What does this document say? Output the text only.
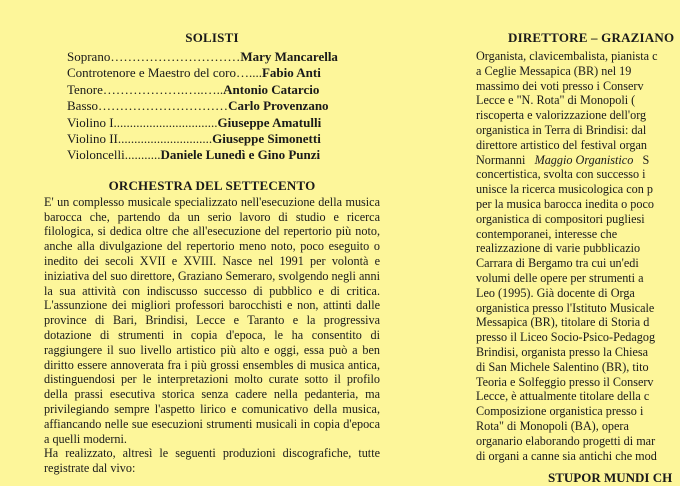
SOLISTI
Soprano…………………………Mary Mancarella
Controtenore e Maestro del coro…....Fabio Anti
Tenore……………….…..…..Antonio Catarcio
Basso…………………………Carlo Provenzano
Violino I................................Giuseppe Amatulli
Violino II.............................Giuseppe Simonetti
Violoncelli...........Daniele Lunedì e Gino Punzi
ORCHESTRA DEL SETTECENTO

E' un complesso musicale specializzato nell'esecuzione della musica barocca che, partendo da un serio lavoro di studio e ricerca filologica, si dedica oltre che all'esecuzione del repertorio più noto, anche alla divulgazione del repertorio meno noto, poco eseguito o inedito dei secoli XVII e XVIII. Nasce nel 1991 per volontà e iniziativa del suo direttore, Graziano Semeraro, svolgendo negli anni la sua attività con indiscusso successo di pubblico e di critica. L'assunzione dei migliori professori barocchisti e non, attinti dalle province di Bari, Brindisi, Lecce e Taranto e la progressiva dotazione di strumenti in copia d'epoca, le ha consentito di raggiungere il suo livello artistico più alto e oggi, essa può a ben diritto essere annoverata fra i più grossi ensembles di musica antica, distinguendosi per le interpretazioni molto curate sotto il profilo della prassi esecutiva storica senza cadere nella pedanteria, ma privilegiando sempre l'aspetto lirico e comunicativo della musica, affiancando nelle sue esecuzioni strumenti musicali in copia d'epoca a quelli moderni.

Ha realizzato, altresì le seguenti produzioni discografiche, tutte registrate dal vivo:

DIRETTORE – GRAZIANO
Organista, clavicembalista, pianista c
a Ceglie Messapica (BR) nel 19
massimo dei voti presso i Conserv
Lecce e "N. Rota" di Monopoli (
riscoperta e valorizzazione dell'org
organistica in Terra di Brindisi: dal
direttore artistico del festival organ
Normanni Maggio Organistico S
concertistica, svolta con successo i
unisce la ricerca musicologica con p
per la musica barocca inedita o poco
organistica di compositori pugliesi
contemporanei, interesse che
realizzazione di varie pubblicazio
Carrara di Bergamo tra cui un'edi
volumi delle opere per strumenti a
Leo (1995). Già docente di Orga
organistica presso l'Istituto Musicale
Messapica (BR), titolare di Storia d
presso il Liceo Socio-Psico-Pedagog
Brindisi, organista presso la Chiesa
di San Michele Salentino (BR), tito
Teoria e Solfeggio presso il Conserv
Lecce, è attualmente titolare della c
Composizione organistica presso i
Rota" di Monopoli (BA), opera
organario elaborando progetti di mar
di organi a canne sia antichi che mod
STUPOR MUNDI CH
